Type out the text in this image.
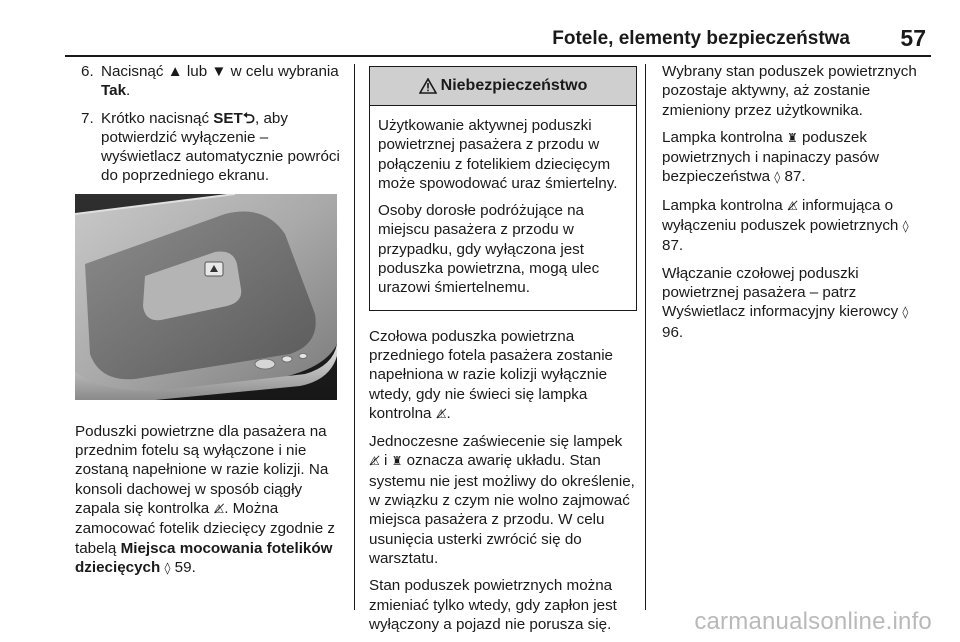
Fotele, elementy bezpieczeństwa 57
6. Nacisnąć ▲ lub ▼ w celu wybrania Tak.
7. Krótko nacisnąć SET⮌, aby potwierdzić wyłączenie – wyświetlacz automatycznie powróci do poprzedniego ekranu.

Poduszki powietrzne dla pasażera na przednim fotelu są wyłączone i nie zostaną napełnione w razie kolizji. Na konsoli dachowej w sposób ciągły zapala się kontrolka ⚠̸. Można zamocować fotelik dziecięcy zgodnie z tabelą Miejsca mocowania fotelików dziecięcych ◊ 59.

Niebezpieczeństwo

Użytkowanie aktywnej poduszki powietrznej pasażera z przodu w połączeniu z fotelikiem dziecięcym może spowodować uraz śmiertelny.

Osoby dorosłe podróżujące na miejscu pasażera z przodu w przypadku, gdy wyłączona jest poduszka powietrzna, mogą ulec urazowi śmiertelnemu.

Czołowa poduszka powietrzna przedniego fotela pasażera zostanie napełniona w razie kolizji wyłącznie wtedy, gdy nie świeci się lampka kontrolna ⚠̸.

Jednoczesne zaświecenie się lampek ⚠̸ i ♜ oznacza awarię układu. Stan systemu nie jest możliwy do określenie, w związku z czym nie wolno zajmować miejsca pasażera z przodu. W celu usunięcia usterki zwrócić się do warsztatu.

Stan poduszek powietrznych można zmieniać tylko wtedy, gdy zapłon jest wyłączony a pojazd nie porusza się.

Wybrany stan poduszek powietrznych pozostaje aktywny, aż zostanie zmieniony przez użytkownika.

Lampka kontrolna ♜ poduszek powietrznych i napinaczy pasów bezpieczeństwa ◊ 87.

Lampka kontrolna ⚠̸ informująca o wyłączeniu poduszek powietrznych ◊ 87.

Włączanie czołowej poduszki powietrznej pasażera – patrz Wyświetlacz informacyjny kierowcy ◊ 96.

carmanualsonline.info
